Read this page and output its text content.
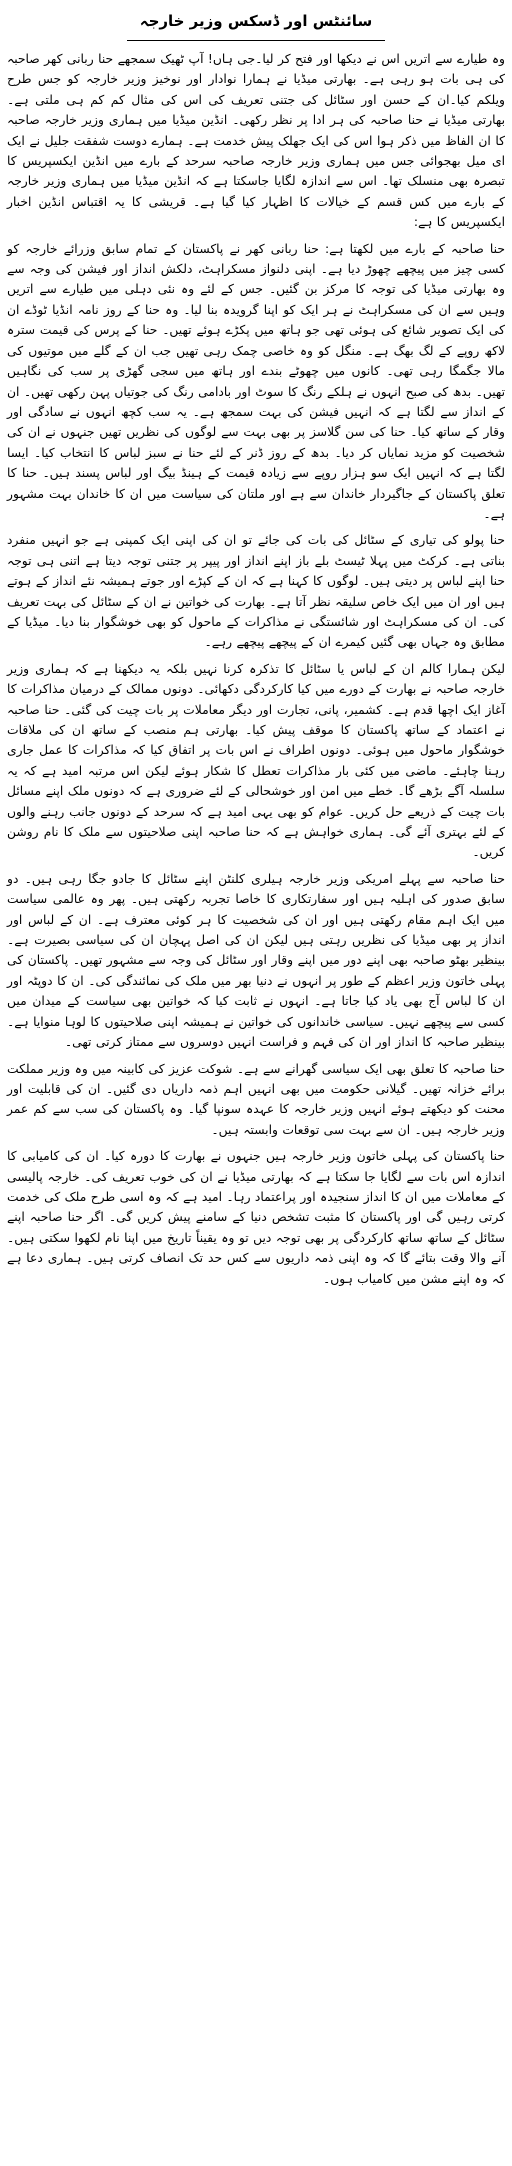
سائنٹس اور ڈسکس وزیر خارجہ

وہ طیارے سے اتریں اس نے دیکھا اور فتح کر لیا۔جی ہاں! آپ ٹھیک سمجھے حنا ربانی کھر صاحبہ کی ہی بات ہو رہی ہے۔ بھارتی میڈیا نے ہمارا نوادار اور نوخیز وزیر خارجہ کو جس طرح ویلکم کیا۔ان کے حسن اور سٹائل کی جتنی تعریف کی اس کی مثال کم کم ہی ملتی ہے۔ بھارتی میڈیا نے حنا صاحبہ کی ہر ادا پر نظر رکھی۔ انڈین میڈیا میں ہماری وزیر خارجہ صاحبہ کا ان الفاظ میں ذکر ہوا اس کی ایک جھلک پیش خدمت ہے۔ ہمارے دوست شفقت جلیل نے ایک ای میل بھجوائی جس میں ہماری وزیر خارجہ صاحبہ سرحد کے بارے میں انڈین ایکسپریس کا تبصرہ بھی منسلک تھا۔ اس سے اندازہ لگایا جاسکتا ہے کہ انڈین میڈیا میں ہماری وزیر خارجہ کے بارے میں کس قسم کے خیالات کا اظہار کیا گیا ہے۔ قریشی کا یہ اقتباس انڈین اخبار ایکسپریس کا ہے:

حنا صاحبہ کے بارے میں لکھتا ہے: حنا ربانی کھر نے پاکستان کے تمام سابق وزرائے خارجہ کو کسی چیز میں پیچھے چھوڑ دیا ہے۔ اپنی دلنواز مسکراہٹ، دلکش انداز اور فیشن کی وجہ سے وہ بھارتی میڈیا کی توجہ کا مرکز بن گئیں۔ جس کے لئے وہ نئی دہلی میں طیارے سے اتریں وہیں سے ان کی مسکراہٹ نے ہر ایک کو اپنا گرویدہ بنا لیا۔ وہ حنا کے روز نامہ انڈیا ٹوڈے ان کی ایک تصویر شائع کی ہوئی تھی جو ہاتھ میں پکڑے ہوئے تھیں۔ حنا کے پرس کی قیمت سترہ لاکھ روپے کے لگ بھگ ہے۔ منگل کو وہ خاصی چمک رہی تھیں جب ان کے گلے میں موتیوں کی مالا جگمگا رہی تھی۔ کانوں میں چھوٹے بندے اور ہاتھ میں سجی گھڑی پر سب کی نگاہیں تھیں۔ بدھ کی صبح انہوں نے ہلکے رنگ کا سوٹ اور بادامی رنگ کی جوتیاں پہن رکھی تھیں۔ ان کے انداز سے لگتا ہے کہ انہیں فیشن کی بہت سمجھ ہے۔ یہ سب کچھ انہوں نے سادگی اور وقار کے ساتھ کیا۔ حنا کی سن گلاسز پر بھی بہت سے لوگوں کی نظریں تھیں جنہوں نے ان کی شخصیت کو مزید نمایاں کر دیا۔ بدھ کے روز ڈنر کے لئے حنا نے سبز لباس کا انتخاب کیا۔ ایسا لگتا ہے کہ انہیں ایک سو ہزار روپے سے زیادہ قیمت کے ہینڈ بیگ اور لباس پسند ہیں۔ حنا کا تعلق پاکستان کے جاگیردار خاندان سے ہے اور ملتان کی سیاست میں ان کا خاندان بہت مشہور ہے۔

حنا پولو کی تیاری کے سٹائل کی بات کی جائے تو ان کی اپنی ایک کمپنی ہے جو انہیں منفرد بناتی ہے۔ کرکٹ میں پہلا ٹیسٹ بلے باز اپنے انداز اور پیپر پر جتنی توجہ دیتا ہے اتنی ہی توجہ حنا اپنے لباس پر دیتی ہیں۔ لوگوں کا کہنا ہے کہ ان کے کپڑے اور جوتے ہمیشہ نئے انداز کے ہوتے ہیں اور ان میں ایک خاص سلیقہ نظر آتا ہے۔ بھارت کی خواتین نے ان کے سٹائل کی بہت تعریف کی۔ ان کی مسکراہٹ اور شائستگی نے مذاکرات کے ماحول کو بھی خوشگوار بنا دیا۔ میڈیا کے مطابق وہ جہاں بھی گئیں کیمرے ان کے پیچھے پیچھے رہے۔

لیکن ہمارا کالم ان کے لباس یا سٹائل کا تذکرہ کرنا نہیں بلکہ یہ دیکھنا ہے کہ ہماری وزیر خارجہ صاحبہ نے بھارت کے دورے میں کیا کارکردگی دکھائی۔ دونوں ممالک کے درمیان مذاکرات کا آغاز ایک اچھا قدم ہے۔ کشمیر، پانی، تجارت اور دیگر معاملات پر بات چیت کی گئی۔ حنا صاحبہ نے اعتماد کے ساتھ پاکستان کا موقف پیش کیا۔ بھارتی ہم منصب کے ساتھ ان کی ملاقات خوشگوار ماحول میں ہوئی۔ دونوں اطراف نے اس بات پر اتفاق کیا کہ مذاکرات کا عمل جاری رہنا چاہئے۔ ماضی میں کئی بار مذاکرات تعطل کا شکار ہوئے لیکن اس مرتبہ امید ہے کہ یہ سلسلہ آگے بڑھے گا۔ خطے میں امن اور خوشحالی کے لئے ضروری ہے کہ دونوں ملک اپنے مسائل بات چیت کے ذریعے حل کریں۔ عوام کو بھی یہی امید ہے کہ سرحد کے دونوں جانب رہنے والوں کے لئے بہتری آئے گی۔ ہماری خواہش ہے کہ حنا صاحبہ اپنی صلاحیتوں سے ملک کا نام روشن کریں۔

حنا صاحبہ سے پہلے امریکی وزیر خارجہ ہیلری کلنٹن اپنے سٹائل کا جادو جگا رہی ہیں۔ دو سابق صدور کی اہلیہ ہیں اور سفارتکاری کا خاصا تجربہ رکھتی ہیں۔ پھر وہ عالمی سیاست میں ایک اہم مقام رکھتی ہیں اور ان کی شخصیت کا ہر کوئی معترف ہے۔ ان کے لباس اور انداز پر بھی میڈیا کی نظریں رہتی ہیں لیکن ان کی اصل پہچان ان کی سیاسی بصیرت ہے۔ بینظیر بھٹو صاحبہ بھی اپنے دور میں اپنے وقار اور سٹائل کی وجہ سے مشہور تھیں۔ پاکستان کی پہلی خاتون وزیر اعظم کے طور پر انہوں نے دنیا بھر میں ملک کی نمائندگی کی۔ ان کا دوپٹہ اور ان کا لباس آج بھی یاد کیا جاتا ہے۔ انہوں نے ثابت کیا کہ خواتین بھی سیاست کے میدان میں کسی سے پیچھے نہیں۔ سیاسی خاندانوں کی خواتین نے ہمیشہ اپنی صلاحیتوں کا لوہا منوایا ہے۔ بینظیر صاحبہ کا انداز اور ان کی فہم و فراست انہیں دوسروں سے ممتاز کرتی تھی۔

حنا صاحبہ کا تعلق بھی ایک سیاسی گھرانے سے ہے۔ شوکت عزیز کی کابینہ میں وہ وزیر مملکت برائے خزانہ تھیں۔ گیلانی حکومت میں بھی انہیں اہم ذمہ داریاں دی گئیں۔ ان کی قابلیت اور محنت کو دیکھتے ہوئے انہیں وزیر خارجہ کا عہدہ سونپا گیا۔ وہ پاکستان کی سب سے کم عمر وزیر خارجہ ہیں۔ ان سے بہت سی توقعات وابستہ ہیں۔

حنا پاکستان کی پہلی خاتون وزیر خارجہ ہیں جنہوں نے بھارت کا دورہ کیا۔ ان کی کامیابی کا اندازہ اس بات سے لگایا جا سکتا ہے کہ بھارتی میڈیا نے ان کی خوب تعریف کی۔ خارجہ پالیسی کے معاملات میں ان کا انداز سنجیدہ اور پراعتماد رہا۔ امید ہے کہ وہ اسی طرح ملک کی خدمت کرتی رہیں گی اور پاکستان کا مثبت تشخص دنیا کے سامنے پیش کریں گی۔ اگر حنا صاحبہ اپنے سٹائل کے ساتھ ساتھ کارکردگی پر بھی توجہ دیں تو وہ یقیناً تاریخ میں اپنا نام لکھوا سکتی ہیں۔ آنے والا وقت بتائے گا کہ وہ اپنی ذمہ داریوں سے کس حد تک انصاف کرتی ہیں۔ ہماری دعا ہے کہ وہ اپنے مشن میں کامیاب ہوں۔
